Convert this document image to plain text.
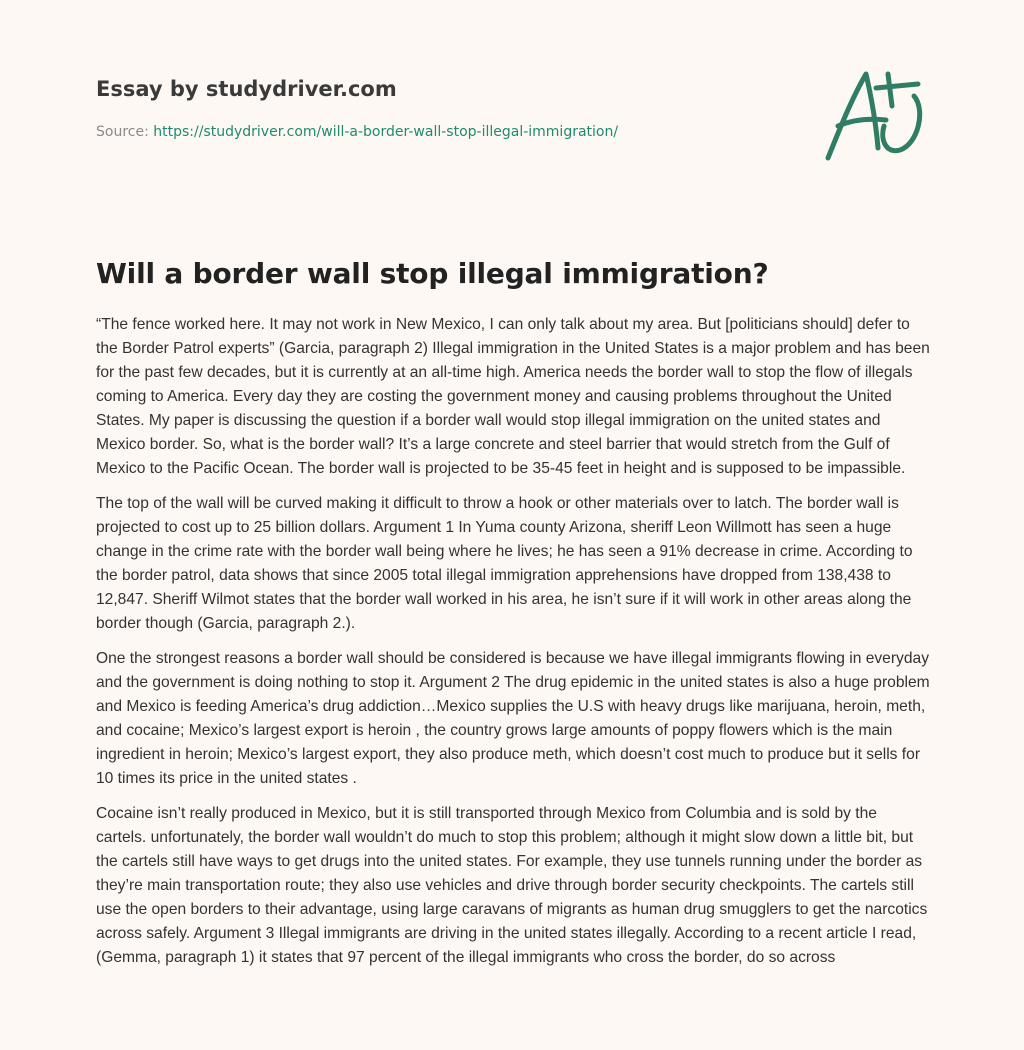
Essay by studydriver.com
Source: https://studydriver.com/will-a-border-wall-stop-illegal-immigration/
Will a border wall stop illegal immigration?

“The fence worked here. It may not work in New Mexico, I can only talk about my area. But [politicians should] defer to the Border Patrol experts” (Garcia, paragraph 2) Illegal immigration in the United States is a major problem and has been for the past few decades, but it is currently at an all-time high. America needs the border wall to stop the flow of illegals coming to America. Every day they are costing the government money and causing problems throughout the United States. My paper is discussing the question if a border wall would stop illegal immigration on the united states and Mexico border. So, what is the border wall? It’s a large concrete and steel barrier that would stretch from the Gulf of Mexico to the Pacific Ocean. The border wall is projected to be 35-45 feet in height and is supposed to be impassible.

The top of the wall will be curved making it difficult to throw a hook or other materials over to latch. The border wall is projected to cost up to 25 billion dollars. Argument 1 In Yuma county Arizona, sheriff Leon Willmott has seen a huge change in the crime rate with the border wall being where he lives; he has seen a 91% decrease in crime. According to the border patrol, data shows that since 2005 total illegal immigration apprehensions have dropped from 138,438 to 12,847. Sheriff Wilmot states that the border wall worked in his area, he isn’t sure if it will work in other areas along the border though (Garcia, paragraph 2.).

One the strongest reasons a border wall should be considered is because we have illegal immigrants flowing in everyday and the government is doing nothing to stop it. Argument 2 The drug epidemic in the united states is also a huge problem and Mexico is feeding America’s drug addiction…Mexico supplies the U.S with heavy drugs like marijuana, heroin, meth, and cocaine; Mexico’s largest export is heroin , the country grows large amounts of poppy flowers which is the main ingredient in heroin; Mexico’s largest export, they also produce meth, which doesn’t cost much to produce but it sells for 10 times its price in the united states .

Cocaine isn’t really produced in Mexico, but it is still transported through Mexico from Columbia and is sold by the cartels. unfortunately, the border wall wouldn’t do much to stop this problem; although it might slow down a little bit, but the cartels still have ways to get drugs into the united states. For example, they use tunnels running under the border as they’re main transportation route; they also use vehicles and drive through border security checkpoints. The cartels still use the open borders to their advantage, using large caravans of migrants as human drug smugglers to get the narcotics across safely. Argument 3 Illegal immigrants are driving in the united states illegally. According to a recent article I read, (Gemma, paragraph 1) it states that 97 percent of the illegal immigrants who cross the border, do so across
